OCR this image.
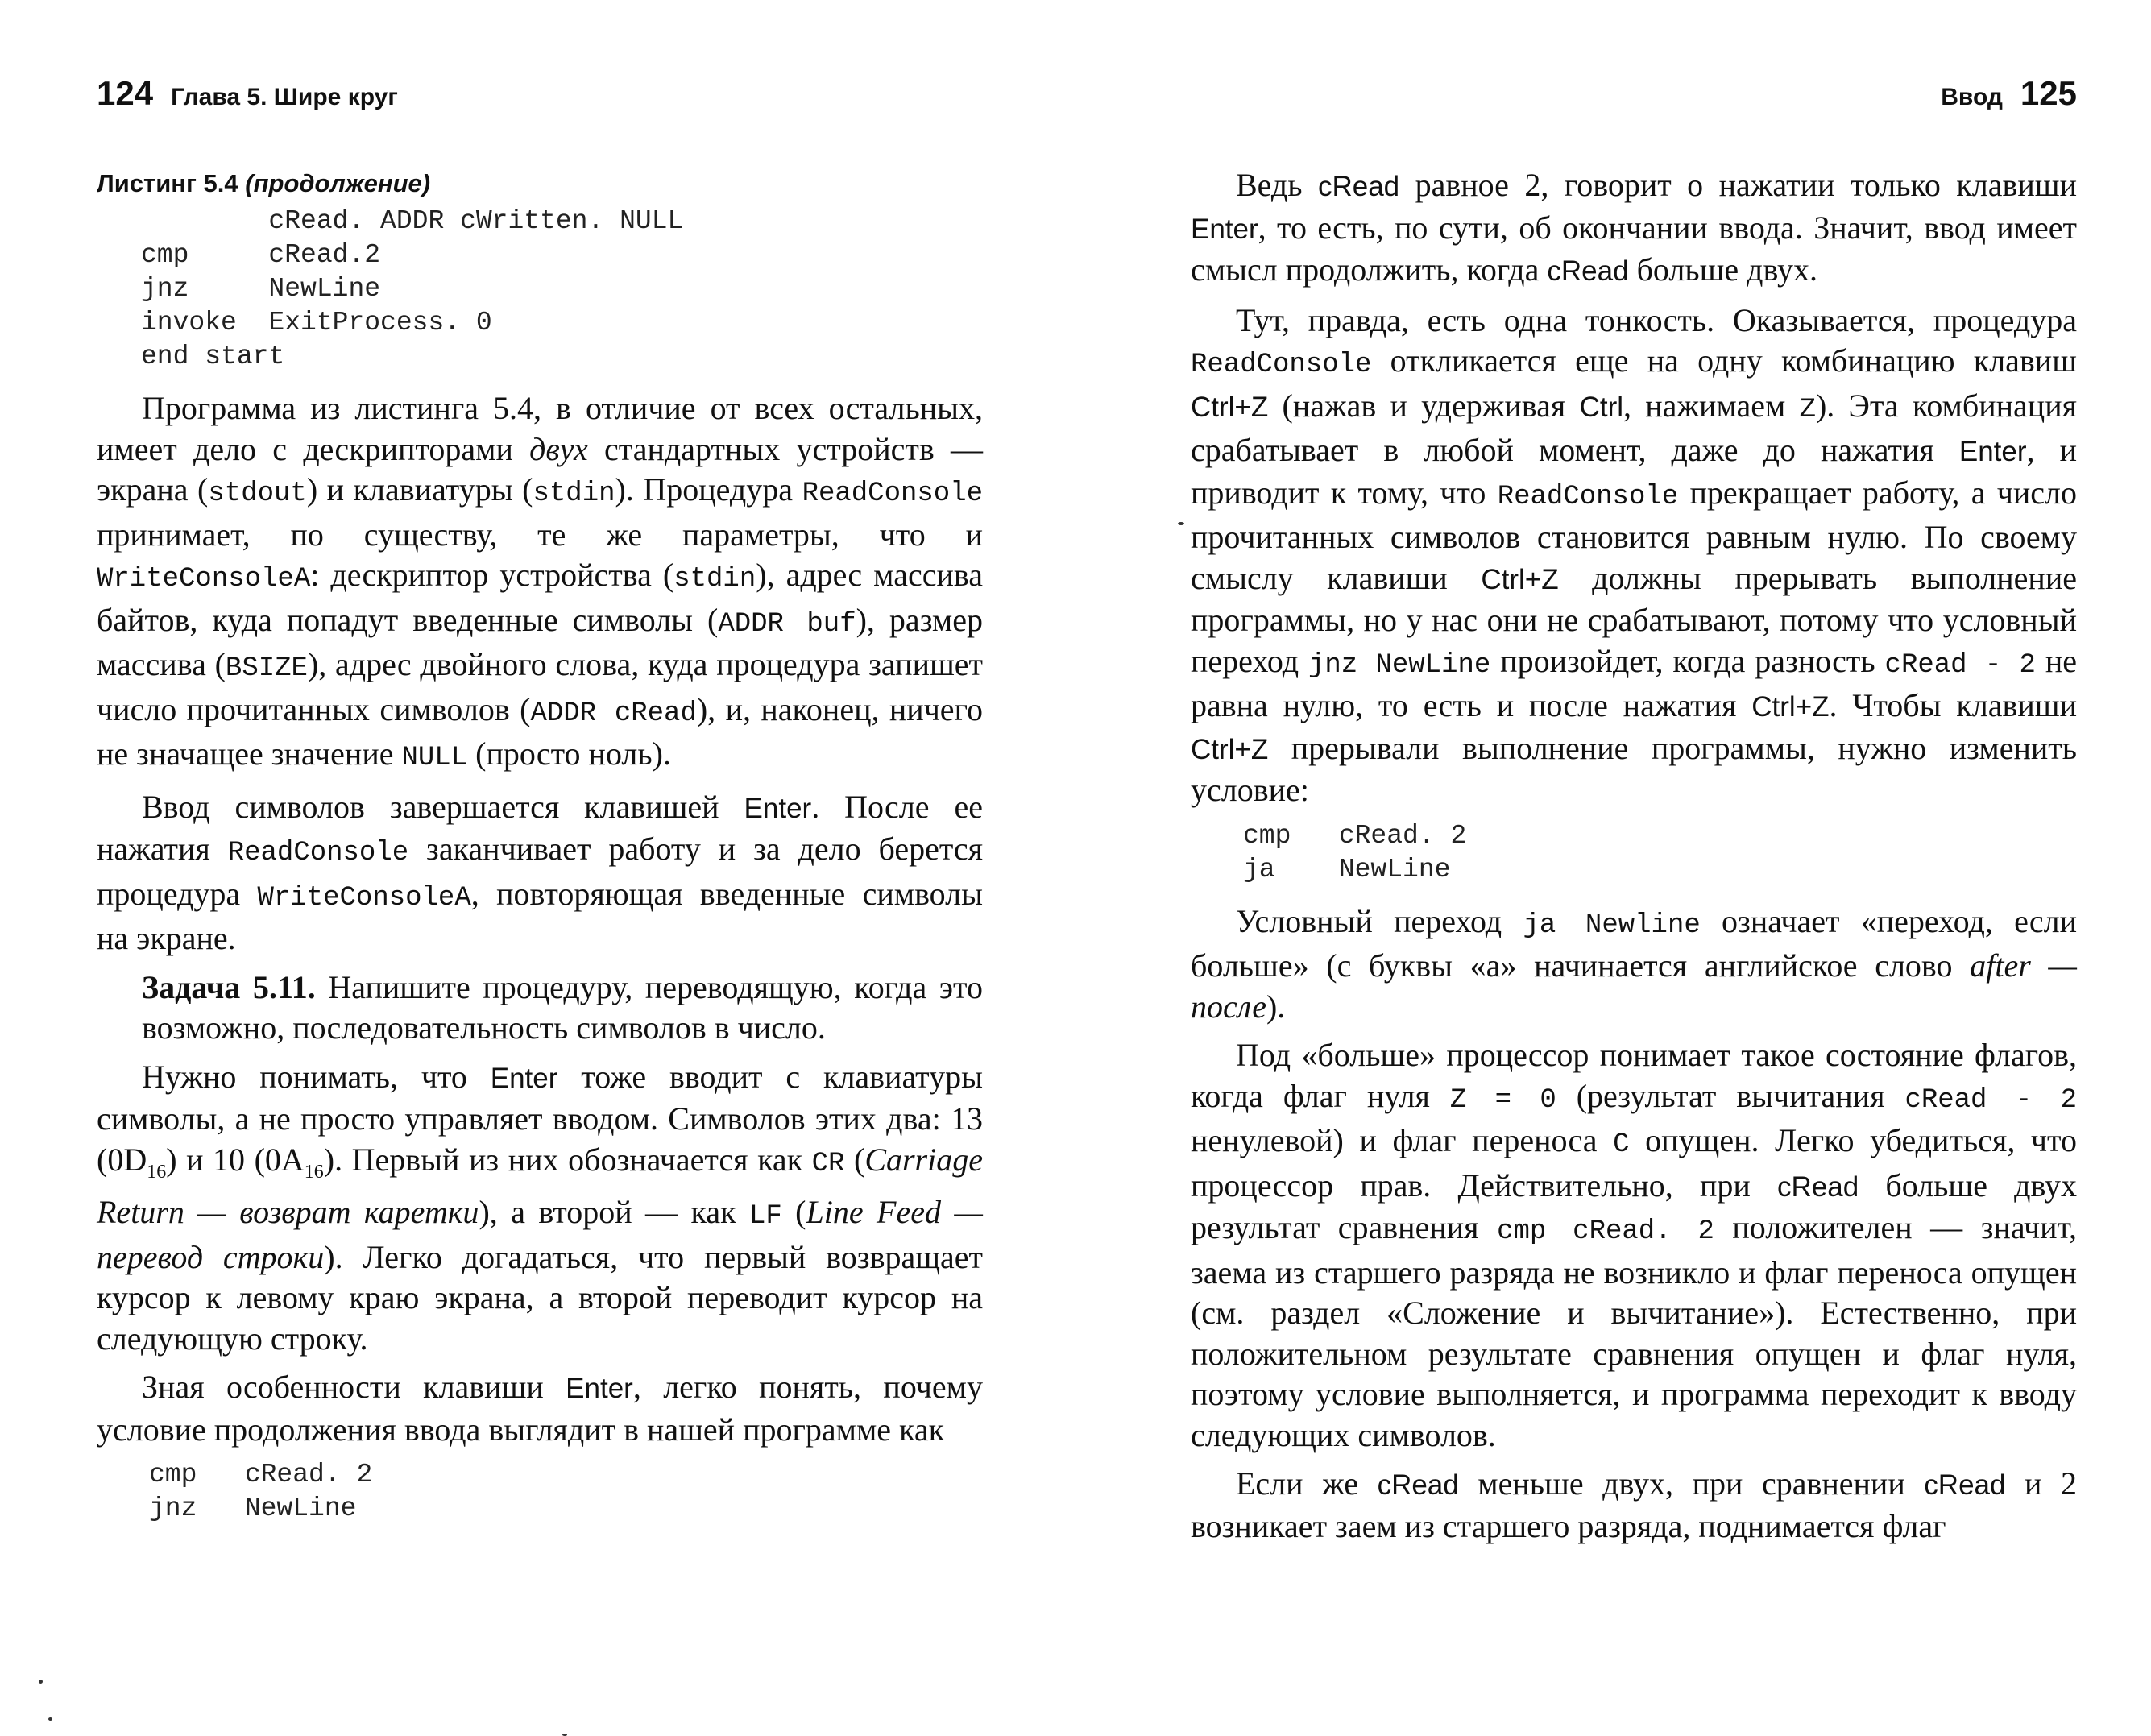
124 Глава 5. Шире круг
Листинг 5.4 (продолжение)
cRead. ADDR cWritten. NULL
cmp     cRead.2
jnz     NewLine
invoke  ExitProcess. 0
end start

Программа из листинга 5.4, в отличие от всех остальных, имеет дело с дескрипторами двух стандартных устройств — экрана (stdout) и клавиатуры (stdin). Процедура ReadConsole принимает, по существу, те же параметры, что и WriteConsoleA: дескриптор устройства (stdin), адрес массива байтов, куда попадут введенные символы (ADDR buf), размер массива (BSIZE), адрес двойного слова, куда процедура запишет число прочитанных символов (ADDR cRead), и, наконец, ничего не значащее значение NULL (просто ноль).

Ввод символов завершается клавишей Enter. После ее нажатия ReadConsole заканчивает работу и за дело берется процедура WriteConsoleA, повторяющая введенные символы на экране.

Задача 5.11. Напишите процедуру, переводящую, когда это возможно, последовательность символов в число.

Нужно понимать, что Enter тоже вводит с клавиатуры символы, а не просто управляет вводом. Символов этих два: 13 $(0D_{16})$ и 10 $(0A_{16})$. Первый из них обозначается как CR (Carriage Return — возврат каретки), а второй — как LF (Line Feed — перевод строки). Легко догадаться, что первый возвращает курсор к левому краю экрана, а второй переводит курсор на следующую строку.

Зная особенности клавиши Enter, легко понять, почему условие продолжения ввода выглядит в нашей программе как

cmp   cRead. 2
jnz   NewLine
Ввод 125

Ведь cRead равное 2, говорит о нажатии только клавиши Enter, то есть, по сути, об окончании ввода. Значит, ввод имеет смысл продолжить, когда cRead больше двух.

Тут, правда, есть одна тонкость. Оказывается, процедура ReadConsole откликается еще на одну комбинацию клавиш Ctrl+Z (нажав и удерживая Ctrl, нажимаем Z). Эта комбинация срабатывает в любой момент, даже до нажатия Enter, и приводит к тому, что ReadConsole прекращает работу, а число прочитанных символов становится равным нулю. По своему смыслу клавиши Ctrl+Z должны прерывать выполнение программы, но у нас они не срабатывают, потому что условный переход jnz NewLine произойдет, когда разность cRead - 2 не равна нулю, то есть и после нажатия Ctrl+Z. Чтобы клавиши Ctrl+Z прерывали выполнение программы, нужно изменить условие:

cmp   cRead. 2
ja    NewLine

Условный переход ja Newline означает «переход, если больше» (с буквы «a» начинается английское слово after — после).

Под «больше» процессор понимает такое состояние флагов, когда флаг нуля Z = 0 (результат вычитания cRead - 2 ненулевой) и флаг переноса C опущен. Легко убедиться, что процессор прав. Действительно, при cRead больше двух результат сравнения cmp cRead. 2 положителен — значит, заема из старшего разряда не возникло и флаг переноса опущен (см. раздел «Сложение и вычитание»). Естественно, при положительном результате сравнения опущен и флаг нуля, поэтому условие выполняется, и программа переходит к вводу следующих символов.

Если же cRead меньше двух, при сравнении cRead и 2 возникает заем из старшего разряда, поднимается флаг
